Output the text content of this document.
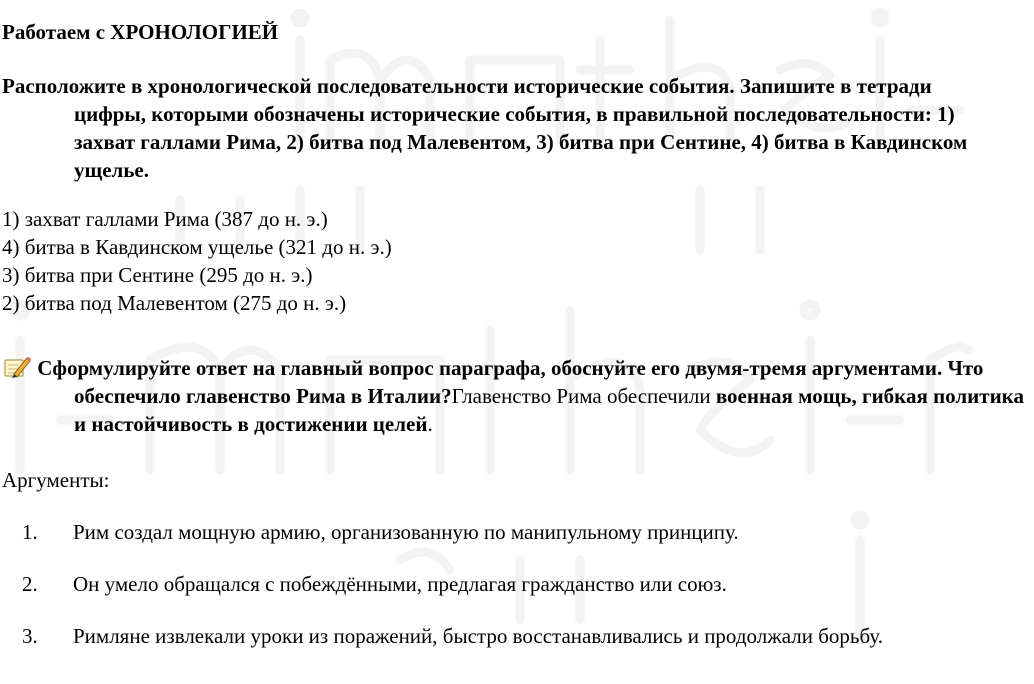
Работаем с ХРОНОЛОГИЕЙ

Расположите в хронологической последовательности исторические события. Запишите в тетради цифры, которыми обозначены исторические события, в правильной последовательности: 1) захват галлами Рима, 2) битва под Малевентом, 3) битва при Сентине, 4) битва в Кавдинском ущелье.

1) захват галлами Рима (387 до н. э.)
4) битва в Кавдинском ущелье (321 до н. э.)
3) битва при Сентине (295 до н. э.)
2) битва под Малевентом (275 до н. э.)

Сформулируйте ответ на главный вопрос параграфа, обоснуйте его двумя-тремя аргументами. Что обеспечило главенство Рима в Италии?Главенство Рима обеспечили военная мощь, гибкая политика и настойчивость в достижении целей.

Аргументы:

1.	Рим создал мощную армию, организованную по манипульному принципу.
2.	Он умело обращался с побеждёнными, предлагая гражданство или союз.
3.	Римляне извлекали уроки из поражений, быстро восстанавливались и продолжали борьбу.
